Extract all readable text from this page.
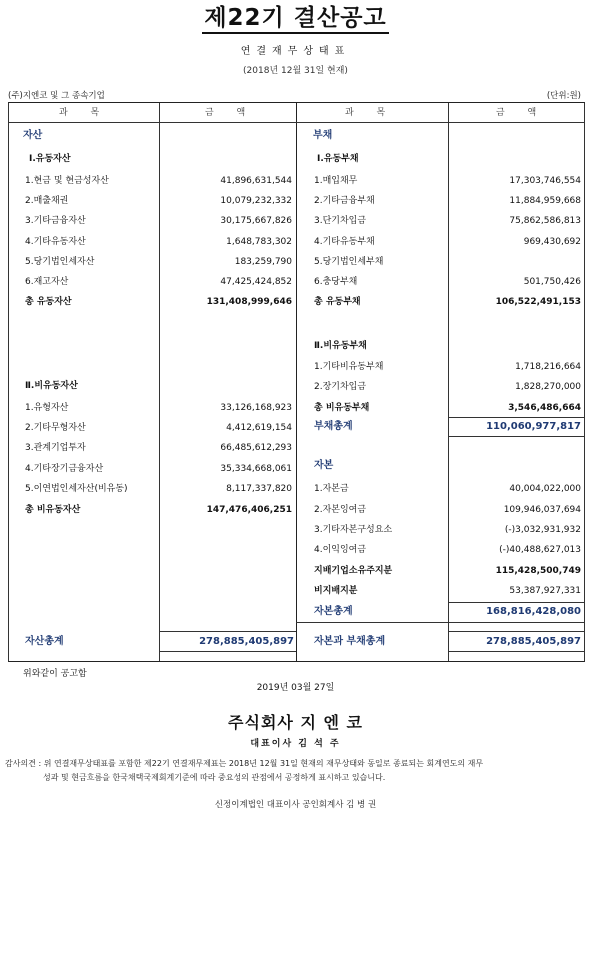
제22기 결산공고
연결재무상태표
(2018년 12월 31일 현재)
(주)지엔코 및 그 종속기업	(단위:원)
과 목	금 액	과 목	금 액
자산
Ⅰ.유동자산
1.현금 및 현금성자산	41,896,631,544
2.매출채권	10,079,232,332
3.기타금융자산	30,175,667,826
4.기타유동자산	1,648,783,302
5.당기법인세자산	183,259,790
6.재고자산	47,425,424,852
총 유동자산	131,408,999,646
Ⅱ.비유동자산
1.유형자산	33,126,168,923
2.기타무형자산	4,412,619,154
3.관계기업투자	66,485,612,293
4.기타장기금융자산	35,334,668,061
5.이연법인세자산(비유동)	8,117,337,820
총 비유동자산	147,476,406,251
자산총계	278,885,405,897
부채
Ⅰ.유동부채
1.매입채무	17,303,746,554
2.기타금융부채	11,884,959,668
3.단기차입금	75,862,586,813
4.기타유동부채	969,430,692
5.당기법인세부채
6.충당부채	501,750,426
총 유동부채	106,522,491,153
Ⅱ.비유동부채
1.기타비유동부채	1,718,216,664
2.장기차입금	1,828,270,000
총 비유동부채	3,546,486,664
부채총계	110,060,977,817
자본
1.자본금	40,004,022,000
2.자본잉여금	109,946,037,694
3.기타자본구성요소	(-)3,032,931,932
4.이익잉여금	(-)40,488,627,013
지배기업소유주지분	115,428,500,749
비지배지분	53,387,927,331
자본총계	168,816,428,080
자본과 부채총계	278,885,405,897
위와같이 공고함
2019년 03월 27일
주식회사 지 엔 코
대표이사 김 석 주
감사의견 : 위 연결재무상태표를 포함한 제22기 연결재무제표는 2018년 12월 31일 현재의 재무상태와 동일로 종료되는 회계연도의 재무
성과 및 현금흐름을 한국채택국제회계기준에 따라 중요성의 관점에서 공정하게 표시하고 있습니다.
신정이계법인 대표이사 공인회계사 김 병 권
